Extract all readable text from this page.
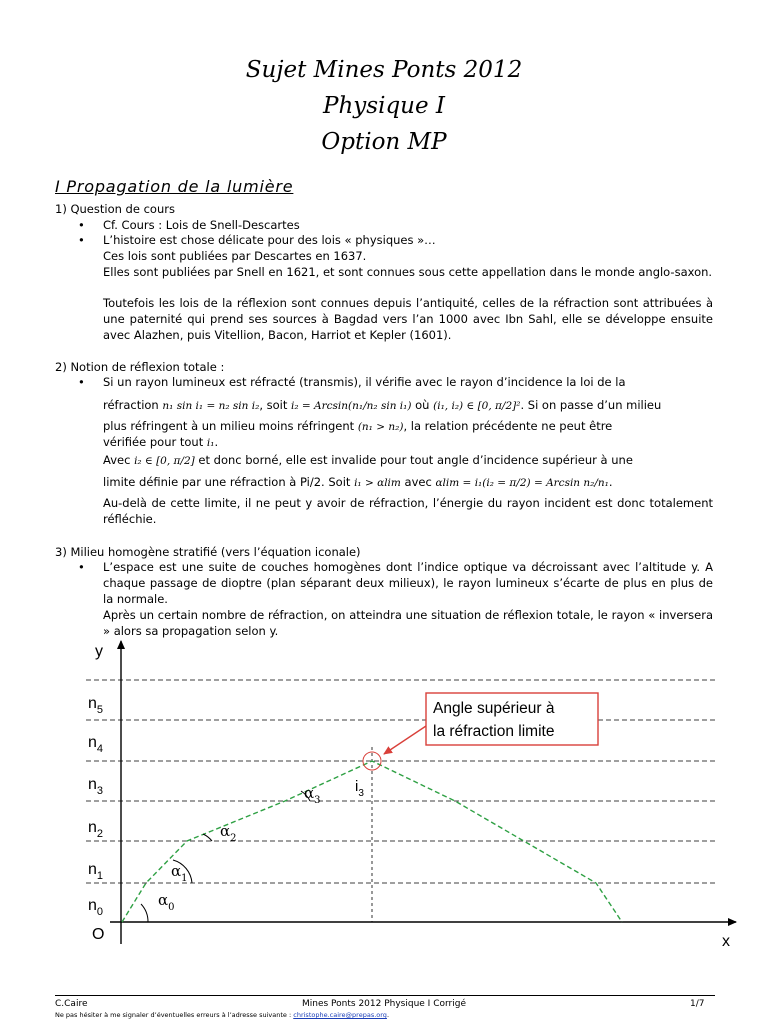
Sujet Mines Ponts 2012
Physique I
Option MP
I Propagation de la lumière
1) Question de cours
• Cf. Cours : Lois de Snell-Descartes
• L’histoire est chose délicate pour des lois « physiques »…
Ces lois sont publiées par Descartes en 1637.
Elles sont publiées par Snell en 1621, et sont connues sous cette appellation dans le monde anglo-saxon.
Toutefois les lois de la réflexion sont connues depuis l’antiquité, celles de la réfraction sont attribuées à une paternité qui prend ses sources à Bagdad vers l’an 1000 avec Ibn Sahl, elle se développe ensuite avec Alazhen, puis Vitellion, Bacon, Harriot et Kepler (1601).
2) Notion de réflexion totale :
• Si un rayon lumineux est réfracté (transmis), il vérifie avec le rayon d’incidence la loi de la
réfraction n₁ sin i₁ = n₂ sin i₂, soit i₂ = Arcsin(n₁/n₂ sin i₁) où (i₁, i₂) ∈ [0, π/2]². Si on passe d’un milieu
plus réfringent à un milieu moins réfringent (n₁ > n₂), la relation précédente ne peut être
vérifiée pour tout i₁.
Avec i₂ ∈ [0, π/2] et donc borné, elle est invalide pour tout angle d’incidence supérieur à une
limite définie par une réfraction à Pi/2. Soit i₁ > αlim avec αlim = i₁(i₂ = π/2) = Arcsin n₂/n₁.
Au-delà de cette limite, il ne peut y avoir de réfraction, l’énergie du rayon incident est donc totalement réfléchie.
3) Milieu homogène stratifié (vers l’équation iconale)
• L’espace est une suite de couches homogènes dont l’indice optique va décroissant avec l’altitude y. A chaque passage de dioptre (plan séparant deux milieux), le rayon lumineux s’écarte de plus en plus de la normale.
Après un certain nombre de réfraction, on atteindra une situation de réflexion totale, le rayon « inversera » alors sa propagation selon y.
Angle supérieur à
la réfraction limite
y
x
O
$n_0$
$n_1$
$n_2$
$n_3$
$n_4$
$n_5$
$\alpha_0$
$\alpha_1$
$\alpha_2$
$\alpha_3$
$i_3$
C.Caire	Mines Ponts 2012 Physique I Corrigé	1/7
Ne pas hésiter à me signaler d’éventuelles erreurs à l’adresse suivante : christophe.caire@prepas.org.
